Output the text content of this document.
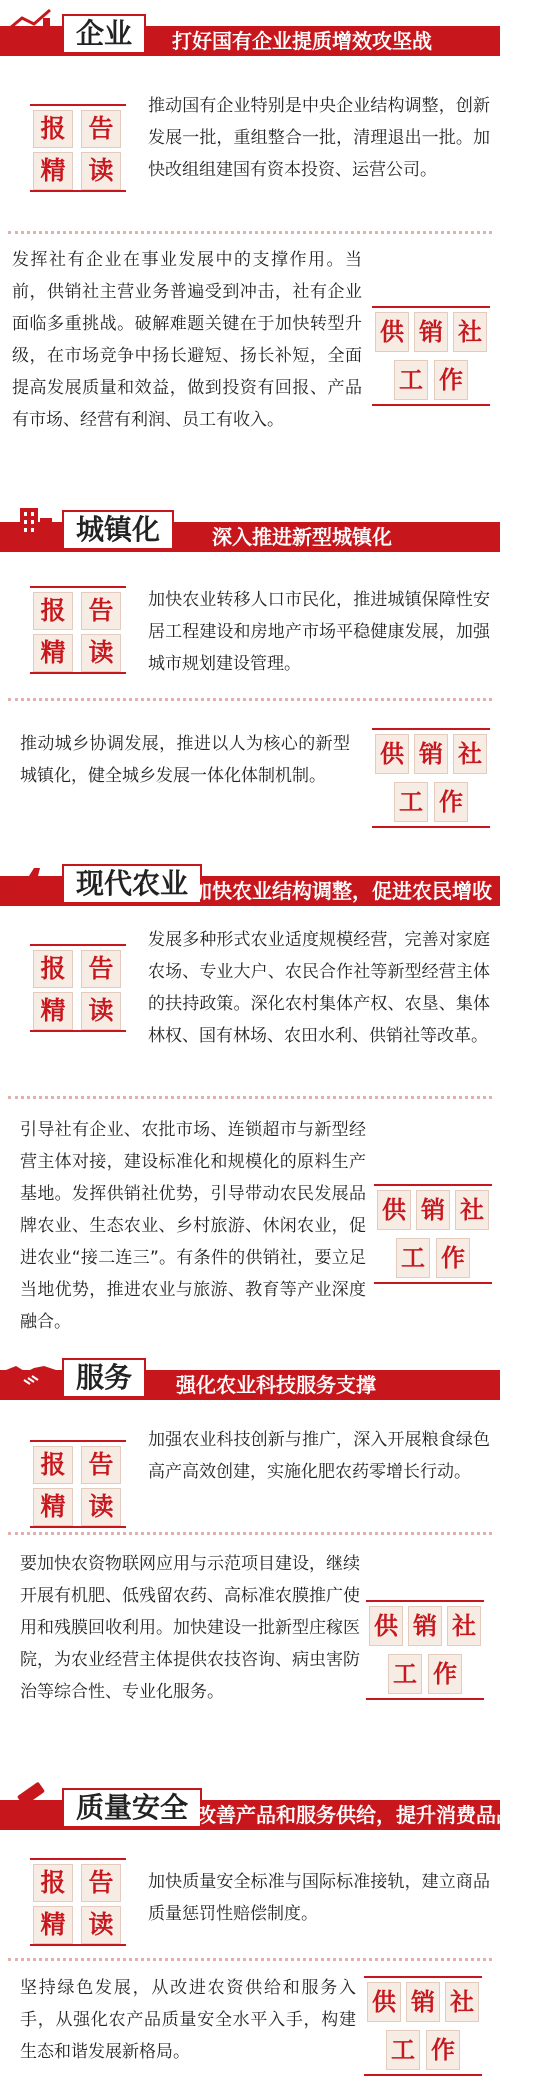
企业	打好国有企业提质增效攻坚战
报 告
精 读
推动国有企业特别是中央企业结构调整，创新发展一批，重组整合一批，清理退出一批。加快改组组建国有资本投资、运营公司。
发挥社有企业在事业发展中的支撑作用。当前，供销社主营业务普遍受到冲击，社有企业面临多重挑战。破解难题关键在于加快转型升级，在市场竞争中扬长避短、扬长补短，全面提高发展质量和效益，做到投资有回报、产品有市场、经营有利润、员工有收入。
供 销 社
工 作
城镇化	深入推进新型城镇化
报 告
精 读
加快农业转移人口市民化，推进城镇保障性安居工程建设和房地产市场平稳健康发展，加强城市规划建设管理。
推动城乡协调发展，推进以人为核心的新型城镇化，健全城乡发展一体化体制机制。
供 销 社
工 作
现代农业 加快农业结构调整，促进农民增收
报 告
精 读
发展多种形式农业适度规模经营，完善对家庭农场、专业大户、农民合作社等新型经营主体的扶持政策。深化农村集体产权、农垦、集体林权、国有林场、农田水利、供销社等改革。
引导社有企业、农批市场、连锁超市与新型经营主体对接，建设标准化和规模化的原料生产基地。发挥供销社优势，引导带动农民发展品牌农业、生态农业、乡村旅游、休闲农业，促进农业“接二连三”。有条件的供销社，要立足当地优势，推进农业与旅游、教育等产业深度融合。
供 销 社
工 作
服务	强化农业科技服务支撑
报 告
精 读
加强农业科技创新与推广，深入开展粮食绿色高产高效创建，实施化肥农药零增长行动。
要加快农资物联网应用与示范项目建设，继续开展有机肥、低残留农药、高标准农膜推广使用和残膜回收利用。加快建设一批新型庄稼医院，为农业经营主体提供农技咨询、病虫害防治等综合性、专业化服务。
供 销 社
工 作
质量安全 改善产品和服务供给，提升消费品品质
报 告
精 读
加快质量安全标准与国际标准接轨，建立商品质量惩罚性赔偿制度。
坚持绿色发展，从改进农资供给和服务入手，从强化农产品质量安全水平入手，构建生态和谐发展新格局。
供 销 社
工 作
